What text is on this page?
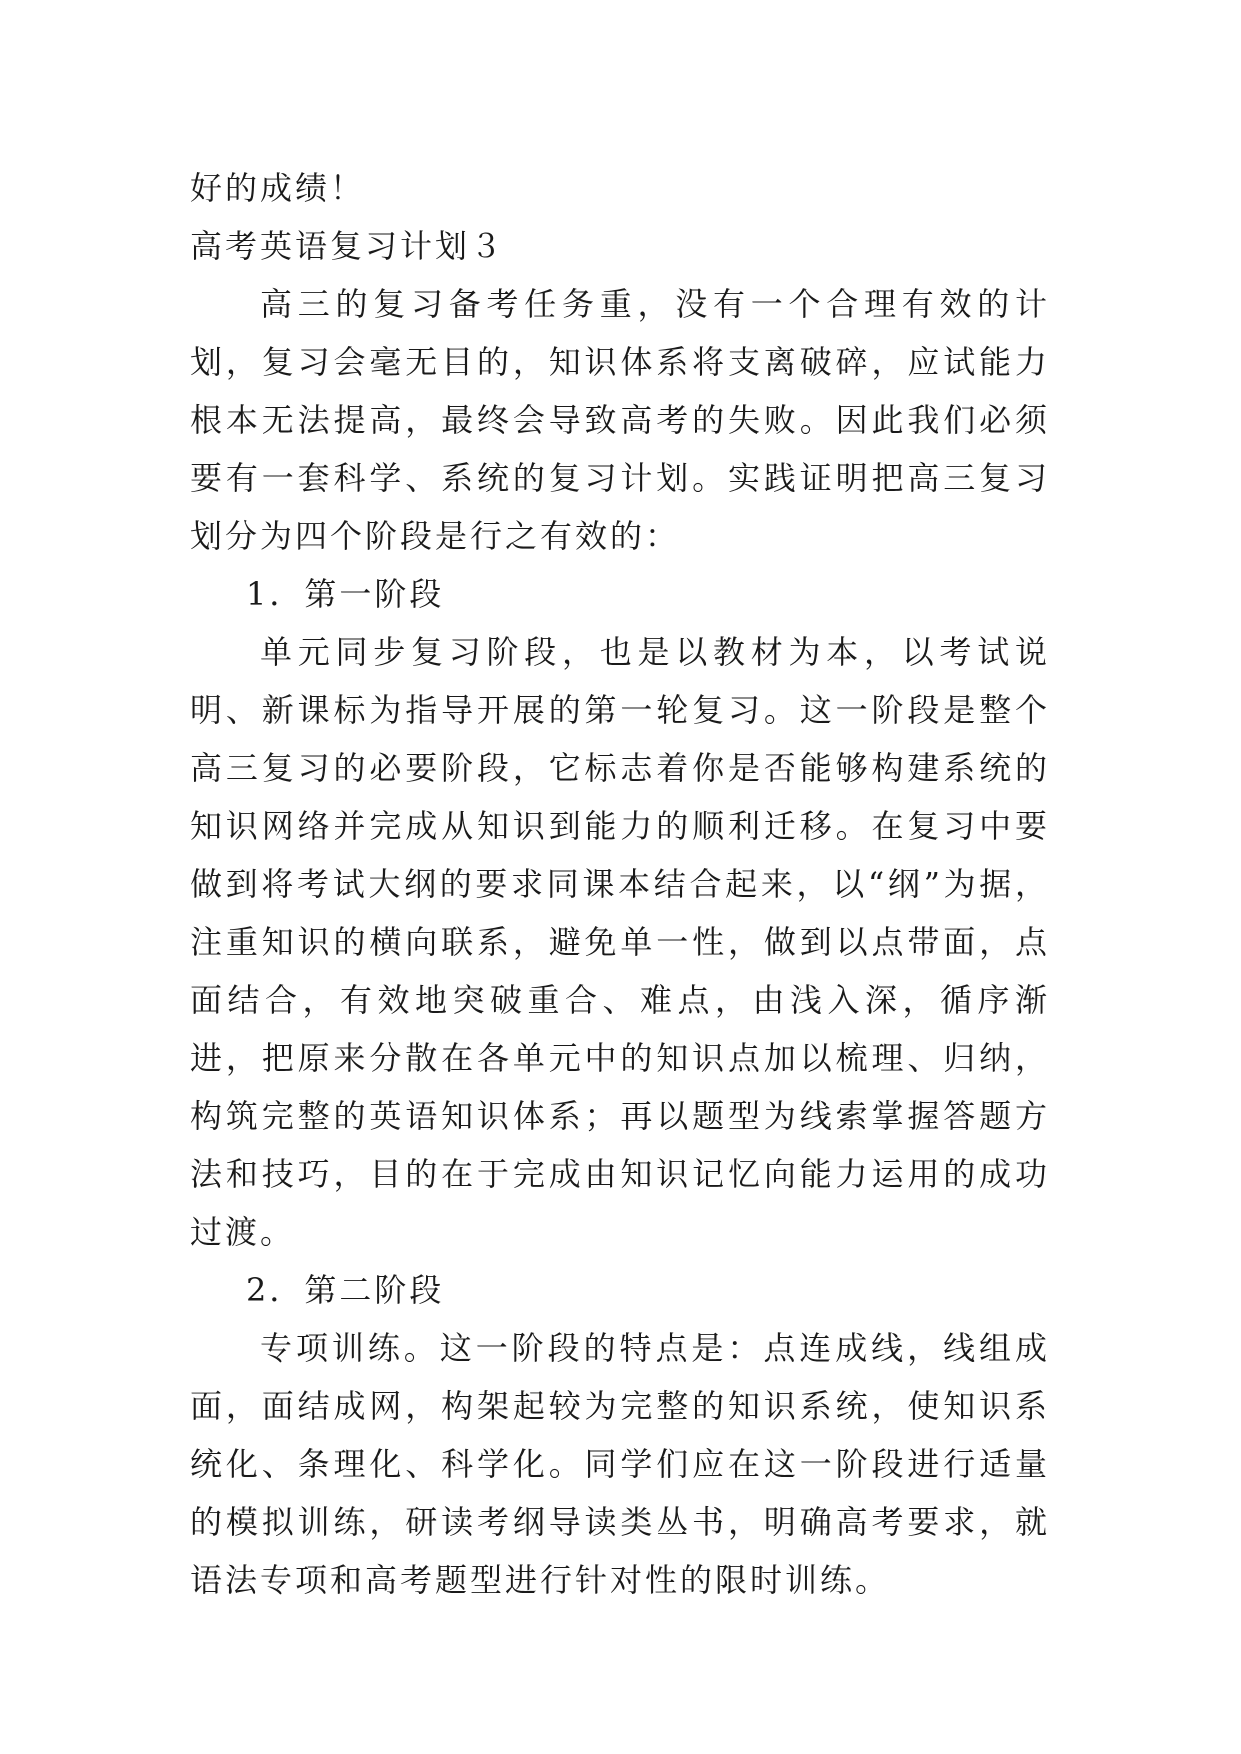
好的成绩！
高考英语复习计划３

高三的复习备考任务重，没有一个合理有效的计划，复习会毫无目的，知识体系将支离破碎，应试能力根本无法提高，最终会导致高考的失败。因此我们必须要有一套科学、系统的复习计划。实践证明把高三复习划分为四个阶段是行之有效的：

1．第一阶段

单元同步复习阶段，也是以教材为本，以考试说明、新课标为指导开展的第一轮复习。这一阶段是整个高三复习的必要阶段，它标志着你是否能够构建系统的知识网络并完成从知识到能力的顺利迁移。在复习中要做到将考试大纲的要求同课本结合起来，以“纲”为据，注重知识的横向联系，避免单一性，做到以点带面，点面结合，有效地突破重合、难点，由浅入深，循序渐进，把原来分散在各单元中的知识点加以梳理、归纳，构筑完整的英语知识体系；再以题型为线索掌握答题方法和技巧，目的在于完成由知识记忆向能力运用的成功过渡。

2．第二阶段

专项训练。这一阶段的特点是：点连成线，线组成面，面结成网，构架起较为完整的知识系统，使知识系统化、条理化、科学化。同学们应在这一阶段进行适量的模拟训练，研读考纲导读类丛书，明确高考要求，就语法专项和高考题型进行针对性的限时训练。
